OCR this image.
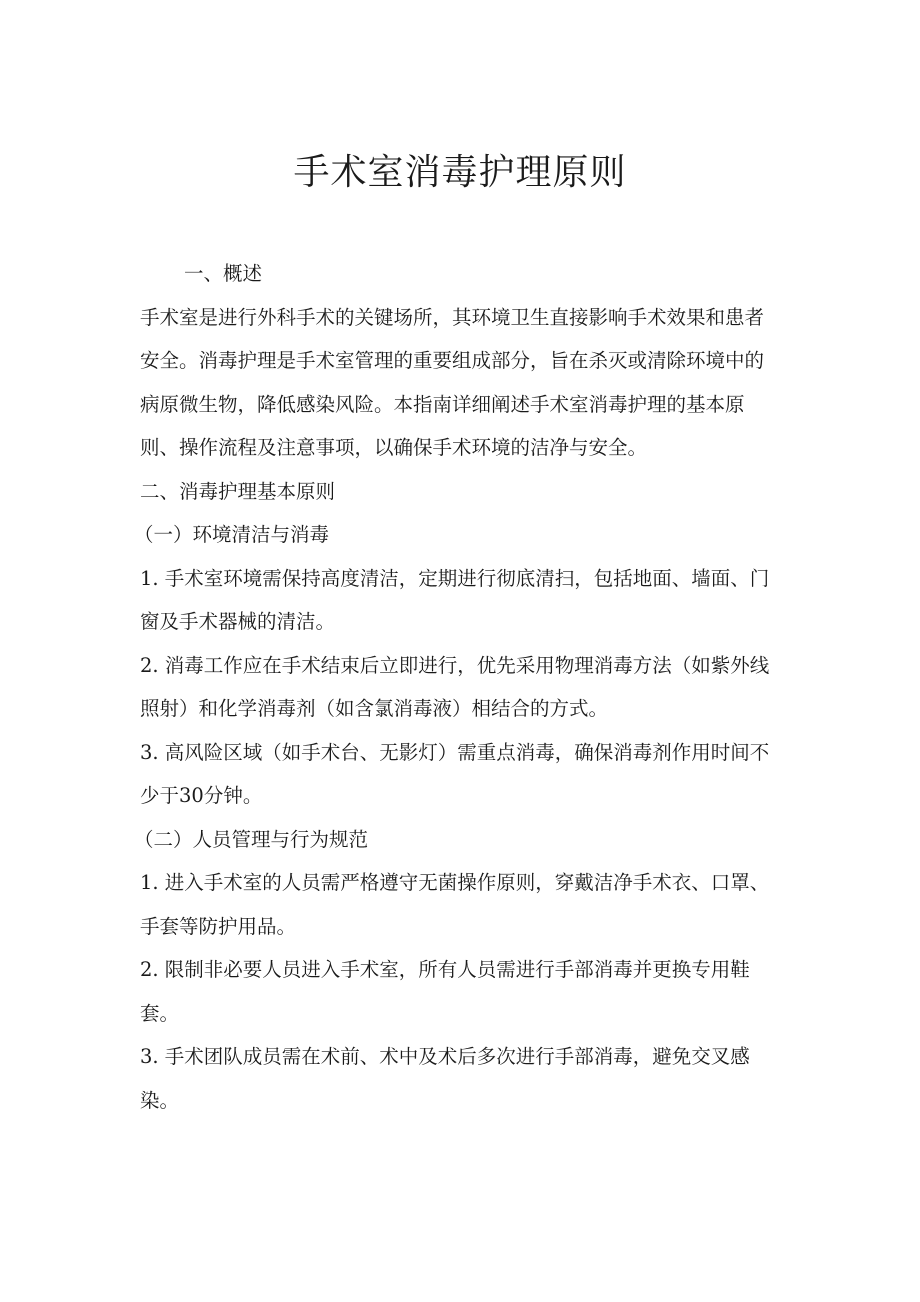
手术室消毒护理原则

一、概述

手术室是进行外科手术的关键场所，其环境卫生直接影响手术效果和患者安全。消毒护理是手术室管理的重要组成部分，旨在杀灭或清除环境中的病原微生物，降低感染风险。本指南详细阐述手术室消毒护理的基本原则、操作流程及注意事项，以确保手术环境的洁净与安全。

二、消毒护理基本原则

（一）环境清洁与消毒

1. 手术室环境需保持高度清洁，定期进行彻底清扫，包括地面、墙面、门窗及手术器械的清洁。

2. 消毒工作应在手术结束后立即进行，优先采用物理消毒方法（如紫外线照射）和化学消毒剂（如含氯消毒液）相结合的方式。

3. 高风险区域（如手术台、无影灯）需重点消毒，确保消毒剂作用时间不少于30分钟。

（二）人员管理与行为规范

1. 进入手术室的人员需严格遵守无菌操作原则，穿戴洁净手术衣、口罩、手套等防护用品。

2. 限制非必要人员进入手术室，所有人员需进行手部消毒并更换专用鞋套。

3. 手术团队成员需在术前、术中及术后多次进行手部消毒，避免交叉感染。
